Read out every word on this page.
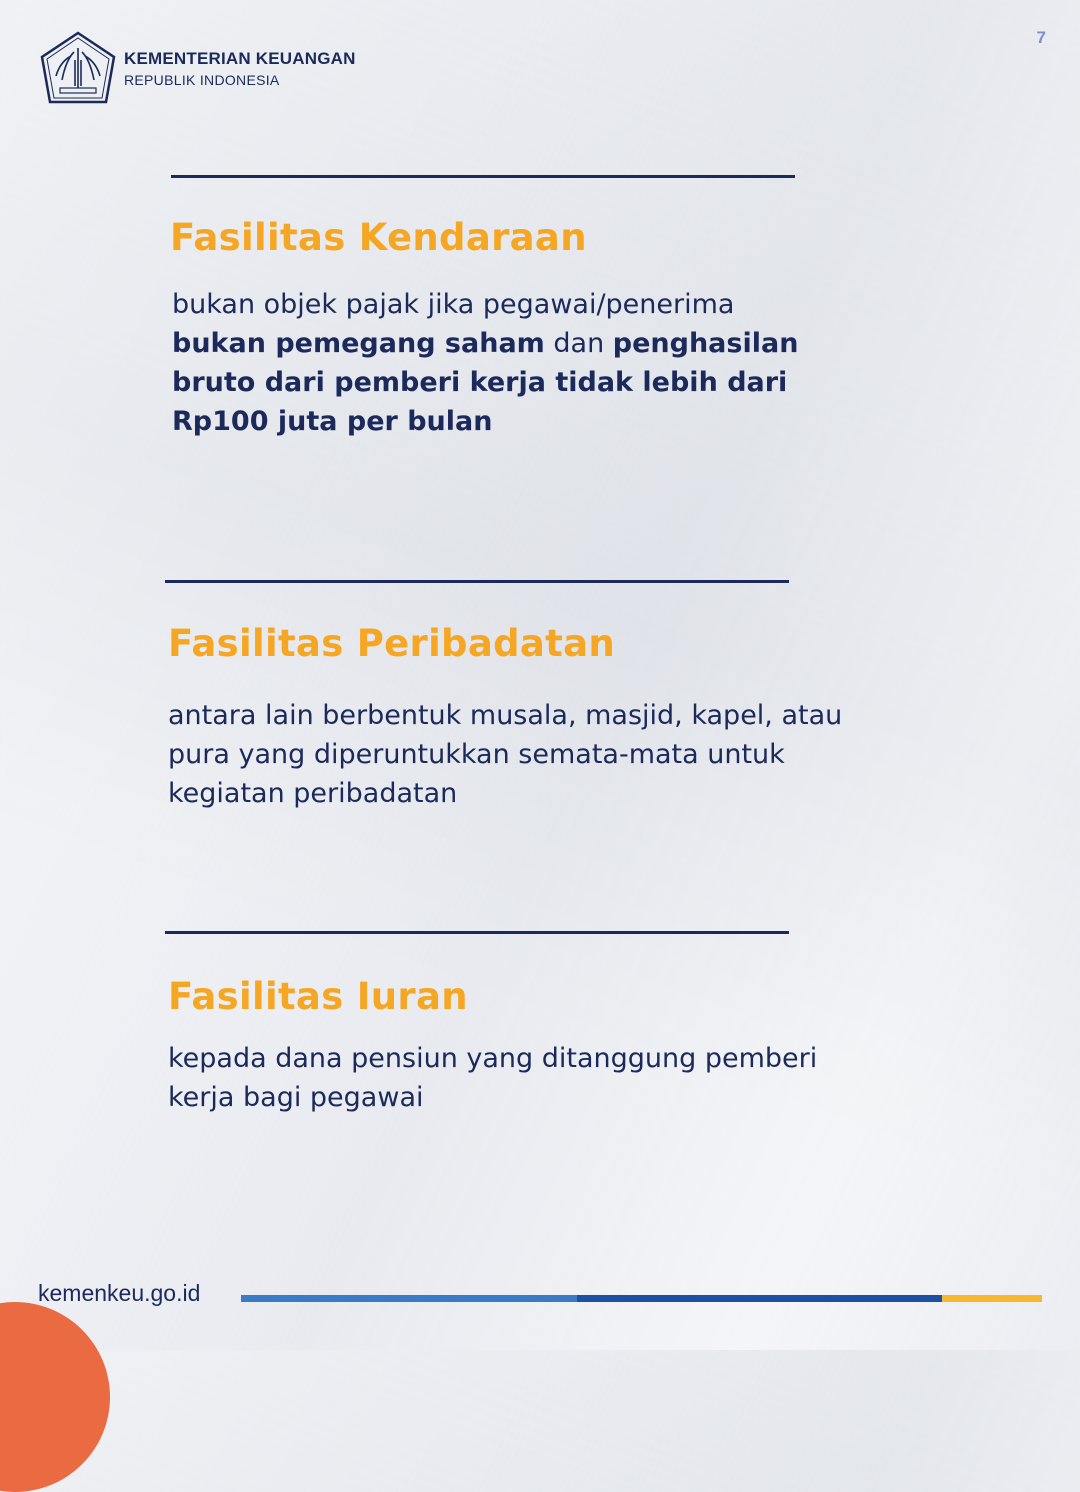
KEMENTERIAN KEUANGAN
REPUBLIK INDONESIA
7
Fasilitas Kendaraan
bukan objek pajak jika pegawai/penerima bukan pemegang saham dan penghasilan bruto dari pemberi kerja tidak lebih dari Rp100 juta per bulan
Fasilitas Peribadatan
antara lain berbentuk musala, masjid, kapel, atau pura yang diperuntukkan semata-mata untuk kegiatan peribadatan
Fasilitas Iuran
kepada dana pensiun yang ditanggung pemberi kerja bagi pegawai
kemenkeu.go.id
